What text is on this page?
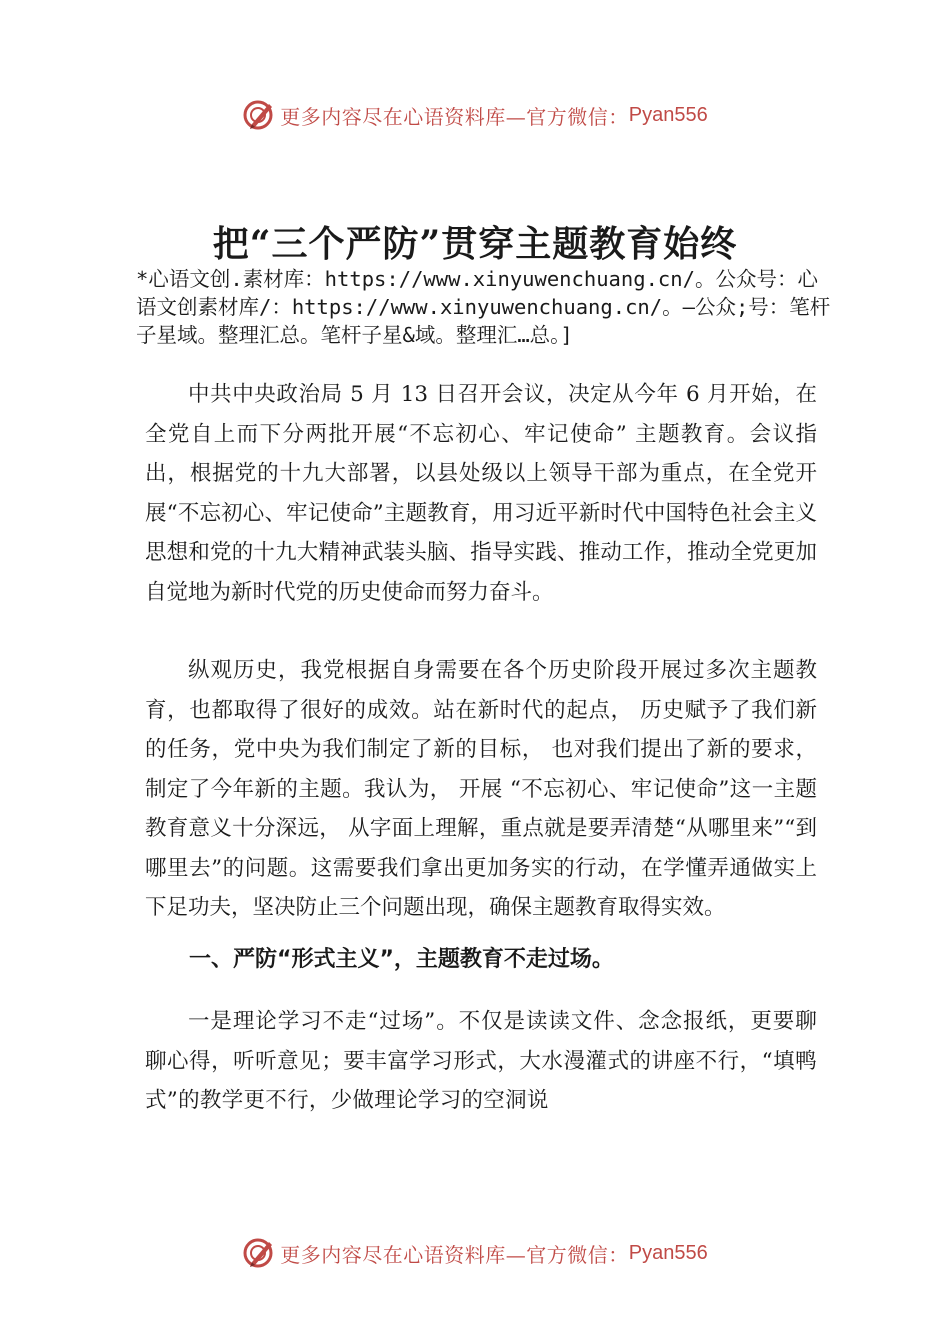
更多内容尽在心语资料库—官方微信： Pyan556
把“三个严防”贯穿主题教育始终

*心语文创.素材库：https://www.xinyuwenchuang.cn/。公众号：心语文创素材库/：https://www.xinyuwenchuang.cn/。—公众;号：笔杆子星域。整理汇总。笔杆子星&域。整理汇…总。]

中共中央政治局 5 月 13 日召开会议，决定从今年 6 月开始，在全党自上而下分两批开展“不忘初心、牢记使命” 主题教育。会议指出，根据党的十九大部署，以县处级以上领导干部为重点，在全党开展“不忘初心、牢记使命”主题教育，用习近平新时代中国特色社会主义思想和党的十九大精神武装头脑、指导实践、推动工作，推动全党更加自觉地为新时代党的历史使命而努力奋斗。

纵观历史，我党根据自身需要在各个历史阶段开展过多次主题教育，也都取得了很好的成效。站在新时代的起点， 历史赋予了我们新的任务，党中央为我们制定了新的目标， 也对我们提出了新的要求，制定了今年新的主题。我认为， 开展 “不忘初心、牢记使命”这一主题教育意义十分深远， 从字面上理解，重点就是要弄清楚“从哪里来”“到哪里去”的问题。这需要我们拿出更加务实的行动，在学懂弄通做实上下足功夫，坚决防止三个问题出现，确保主题教育取得实效。

一、严防“形式主义”，主题教育不走过场。

一是理论学习不走“过场”。不仅是读读文件、念念报纸，更要聊聊心得，听听意见；要丰富学习形式，大水漫灌式的讲座不行，“填鸭式”的教学更不行，少做理论学习的空洞说

更多内容尽在心语资料库—官方微信： Pyan556
